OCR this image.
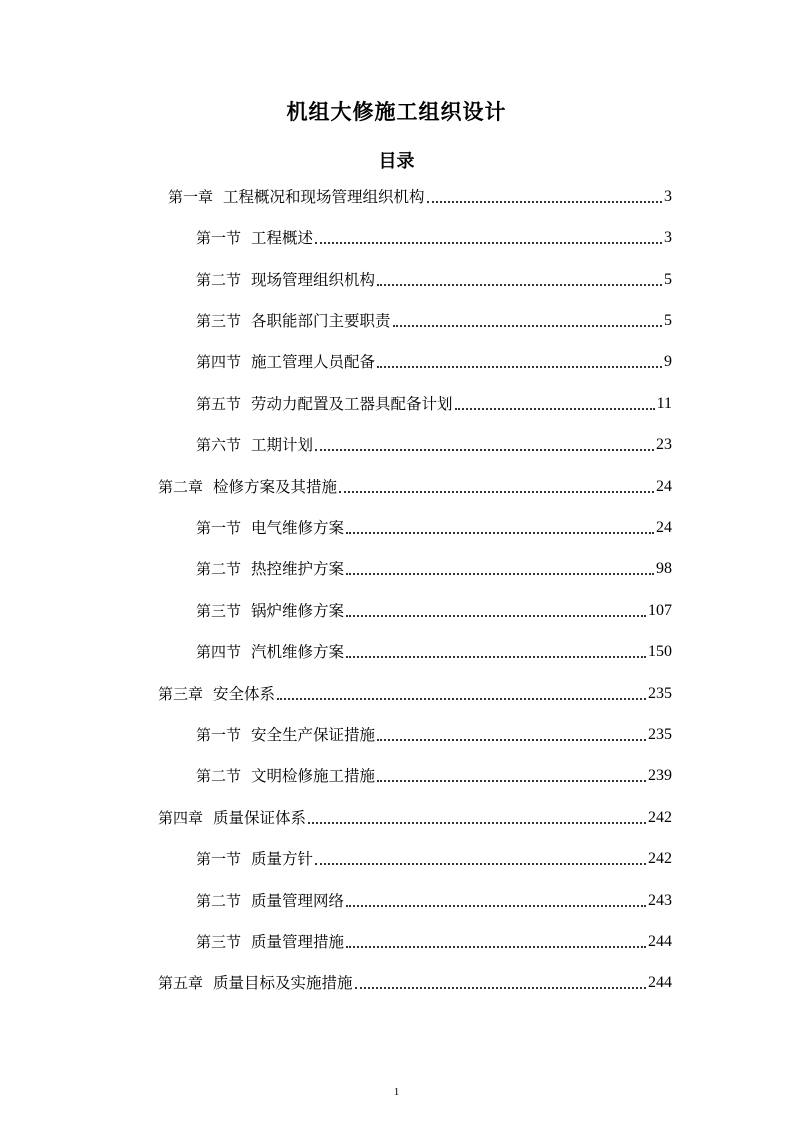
机组大修施工组织设计
目录
第一章 工程概况和现场管理组织机构	3
第一节 工程概述	3
第二节 现场管理组织机构	5
第三节 各职能部门主要职责	5
第四节 施工管理人员配备	9
第五节 劳动力配置及工器具配备计划	11
第六节 工期计划	23
第二章 检修方案及其措施	24
第一节 电气维修方案	24
第二节 热控维护方案	98
第三节 锅炉维修方案	107
第四节 汽机维修方案	150
第三章 安全体系	235
第一节 安全生产保证措施	235
第二节 文明检修施工措施	239
第四章 质量保证体系	242
第一节 质量方针	242
第二节 质量管理网络	243
第三节 质量管理措施	244
第五章 质量目标及实施措施	244
1
